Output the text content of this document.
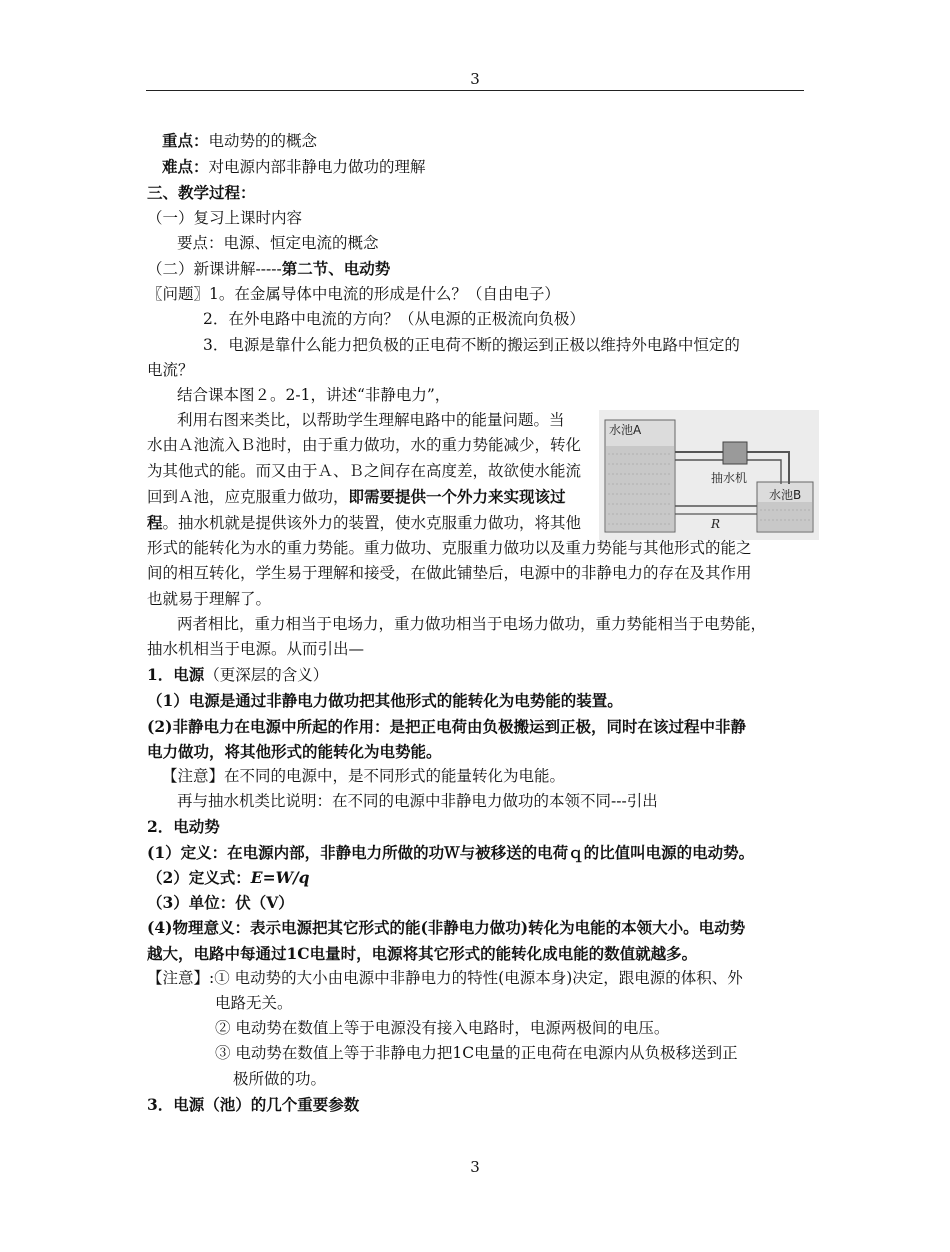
3
重点：电动势的的概念
难点：对电源内部非静电力做功的理解
三、教学过程：
（一）复习上课时内容
要点：电源、恒定电流的概念
（二）新课讲解-----第二节、电动势
〖问题〗1。在金属导体中电流的形成是什么？（自由电子）
2．在外电路中电流的方向？（从电源的正极流向负极）
3．电源是靠什么能力把负极的正电荷不断的搬运到正极以维持外电路中恒定的
电流？
结合课本图２。2-1，讲述“非静电力”，
水池A
抽水机
水池B
R
利用右图来类比，以帮助学生理解电路中的能量问题。当
水由Ａ池流入Ｂ池时，由于重力做功，水的重力势能减少，转化
为其他式的能。而又由于Ａ、Ｂ之间存在高度差，故欲使水能流
回到Ａ池，应克服重力做功，即需要提供一个外力来实现该过
程。抽水机就是提供该外力的装置，使水克服重力做功，将其他
形式的能转化为水的重力势能。重力做功、克服重力做功以及重力势能与其他形式的能之
间的相互转化，学生易于理解和接受，在做此铺垫后，电源中的非静电力的存在及其作用
也就易于理解了。
两者相比，重力相当于电场力，重力做功相当于电场力做功，重力势能相当于电势能，
抽水机相当于电源。从而引出—
1．电源（更深层的含义）
（1）电源是通过非静电力做功把其他形式的能转化为电势能的装置。
(2)非静电力在电源中所起的作用：是把正电荷由负极搬运到正极，同时在该过程中非静
电力做功，将其他形式的能转化为电势能。
【注意】在不同的电源中，是不同形式的能量转化为电能。
再与抽水机类比说明：在不同的电源中非静电力做功的本领不同---引出
2．电动势
(1）定义：在电源内部，非静电力所做的功Ｗ与被移送的电荷ｑ的比值叫电源的电动势。
（2）定义式：E=W/q
（3）单位：伏（V）
(4)物理意义：表示电源把其它形式的能(非静电力做功)转化为电能的本领大小。电动势
越大，电路中每通过1C电量时，电源将其它形式的能转化成电能的数值就越多。
【注意】:① 电动势的大小由电源中非静电力的特性(电源本身)决定，跟电源的体积、外
电路无关。
② 电动势在数值上等于电源没有接入电路时，电源两极间的电压。
③ 电动势在数值上等于非静电力把1C电量的正电荷在电源内从负极移送到正
极所做的功。
3．电源（池）的几个重要参数
3
